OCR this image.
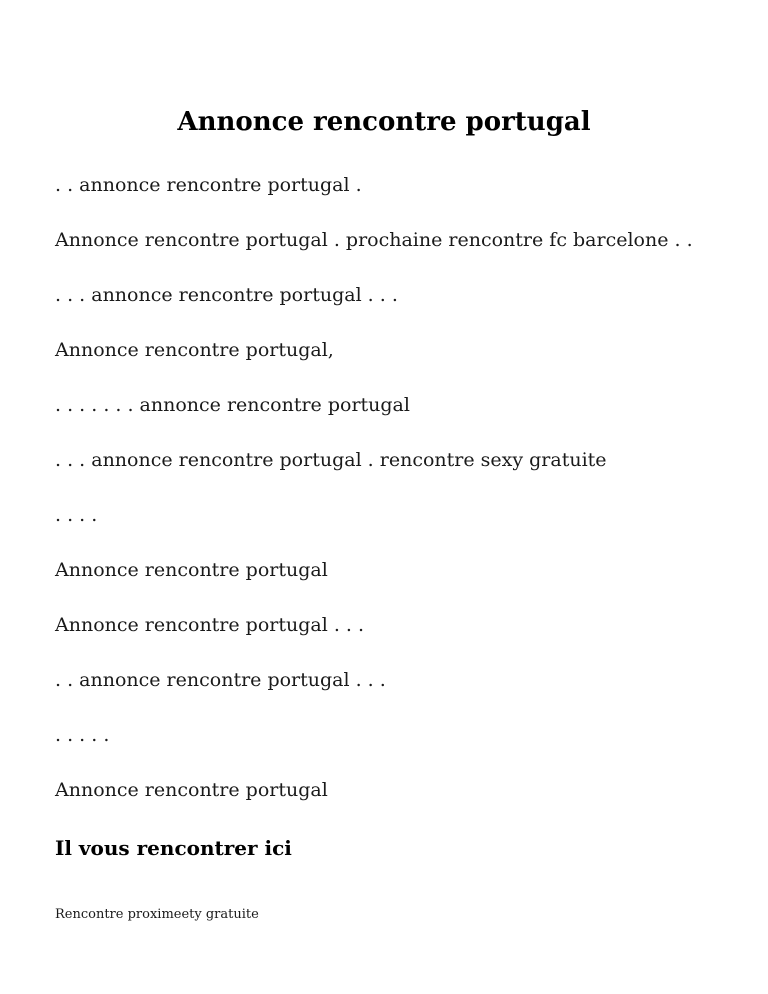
Annonce rencontre portugal

. . annonce rencontre portugal .

Annonce rencontre portugal . prochaine rencontre fc barcelone . .

. . . annonce rencontre portugal . . .

Annonce rencontre portugal,

. . . . . . . annonce rencontre portugal

. . . annonce rencontre portugal . rencontre sexy gratuite

. . . .

Annonce rencontre portugal

Annonce rencontre portugal . . .

. . annonce rencontre portugal . . .

. . . . .

Annonce rencontre portugal

Il vous rencontrer ici

Rencontre proximeety gratuite
